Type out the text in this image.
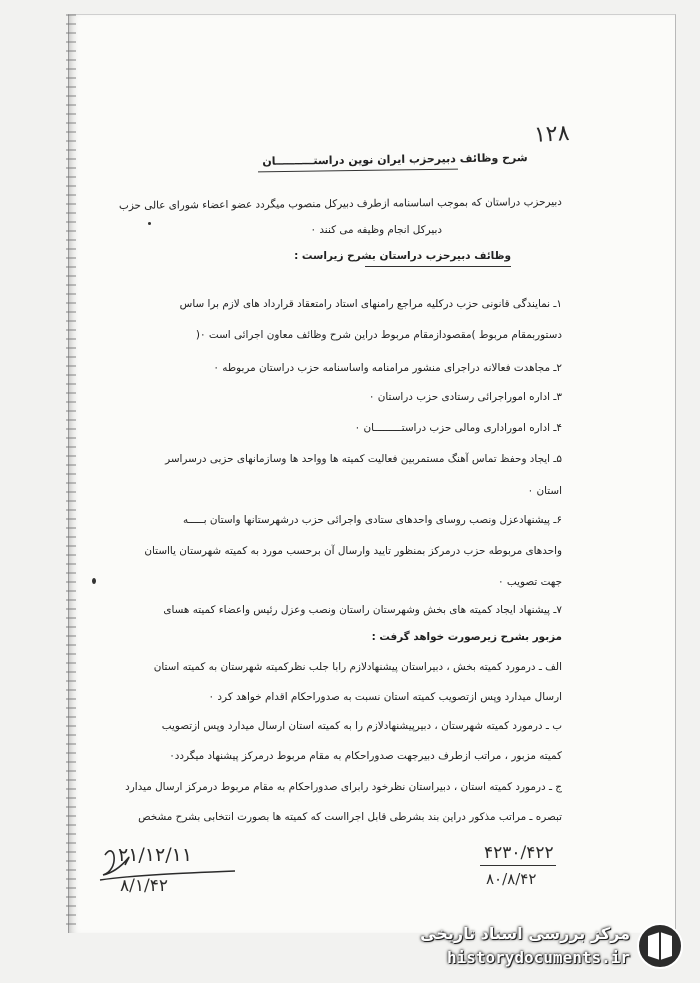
۱۲۸
شرح وظائف دبیرحزب ایران نوین دراستــــــــــان
دبیرحزب دراستان که بموجب اساسنامه ازطرف دبیرکل منصوب میگردد عضو اعضاء شورای عالی حزب
دبیرکل انجام وظیفه می کنند ٠
وظائف دبیرحزب دراستان بشرح زیراست :
۱ـ نمایندگی قانونی حزب درکلیه مراجع رامنهای استاد رامتعقاد قرارداد های لازم برا ساس
دستوربمقام مربوط )مقصودازمقام مربوط دراین شرح وظائف معاون اجرائی است ٠(
۲ـ مجاهدت فعالانه دراجرای منشور مرامنامه واساسنامه حزب دراستان مربوطه ٠
۳ـ اداره اموراجرائی رستادی حزب دراستان ٠
۴ـ اداره اموراداری ومالی حزب دراستـــــــــان ٠
۵ـ ایجاد وحفظ تماس آهنگ مستمربین فعالیت کمیته ها وواحد ها وسازمانهای حزبی درسراسر
استان ٠
۶ـ پیشنهادعزل ونصب روسای واحدهای ستادی واجرائی حزب درشهرستانها واستان بـــــه
واحدهای مربوطه حزب درمرکز بمنظور تایید وارسال آن برحسب مورد به کمیته شهرستان یااستان
جهت تصویب ٠
۷ـ پیشنهاد ایجاد کمیته های بخش وشهرستان راستان ونصب وعزل رئیس واعضاء کمیته هسای
مزبور بشرح زیرصورت خواهد گرفت :
الف ـ درمورد کمیته بخش ، دبیراستان پیشنهادلازم رابا جلب نظرکمیته شهرستان به کمیته استان
ارسال میدارد وپس ازتصویب کمیته استان نسبت به صدوراحکام اقدام خواهد کرد ٠
ب ـ درمورد کمیته شهرستان ، دبیرپیشنهادلازم را به کمیته استان ارسال میدارد وپس ازتصویب
کمیته مزبور ، مراتب ازطرف دبیرجهت صدوراحکام به مقام مربوط درمرکز پیشنهاد میگردد٠
ج ـ درمورد کمیته استان ، دبیراستان نظرخود رابرای صدوراحکام به مقام مربوط درمرکز ارسال میدارد
تبصره ـ مراتب مذکور دراین بند بشرطی قابل اجرااست که کمیته ها بصورت انتخابی بشرح مشخص
۲۱/۱۲/۱۱
۸/۱/۴۲
۴۲۳۰/۴۲۲
۸۰/۸/۴۲
مرکز بررسی اسناد تاریخی
historydocuments.ir
